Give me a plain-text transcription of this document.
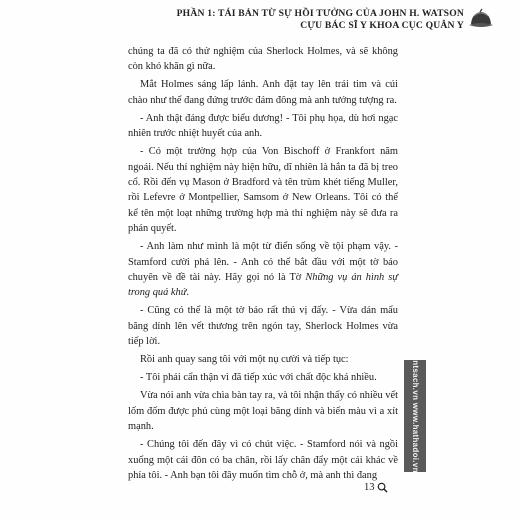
PHẦN 1: TÁI BẢN TỪ SỰ HỒI TƯỞNG CỦA JOHN H. WATSON
CỰU BÁC SĨ Y KHOA CỤC QUÂN Y

chúng ta đã có thử nghiệm của Sherlock Holmes, và sẽ không còn khó khăn gì nữa.

Mắt Holmes sáng lấp lánh. Anh đặt tay lên trái tim và cúi chào như thể đang đứng trước đám đông mà anh tưởng tượng ra.

- Anh thật đáng được biểu dương! - Tôi phụ họa, dù hơi ngạc nhiên trước nhiệt huyết của anh.

- Có một trường hợp của Von Bischoff ở Frankfort năm ngoái. Nếu thí nghiệm này hiện hữu, dĩ nhiên là hắn ta đã bị treo cổ. Rồi đến vụ Mason ở Bradford và tên trùm khét tiếng Muller, rồi Lefevre ở Montpellier, Samsom ở New Orleans. Tôi có thể kể tên một loạt những trường hợp mà thí nghiệm này sẽ đưa ra phán quyết.

- Anh làm như mình là một từ điển sống về tội phạm vậy. - Stamford cười phá lên. - Anh có thể bắt đầu với một tờ báo chuyên về đề tài này. Hãy gọi nó là Tờ Những vụ án hình sự trong quá khứ.

- Cũng có thể là một tờ báo rất thú vị đấy. - Vừa dán mẩu băng dính lên vết thương trên ngón tay, Sherlock Holmes vừa tiếp lời.

Rồi anh quay sang tôi với một nụ cười và tiếp tục:

- Tôi phải cẩn thận vì đã tiếp xúc với chất độc khá nhiều.

Vừa nói anh vừa chìa bàn tay ra, và tôi nhận thấy có nhiều vết lốm đốm được phủ cùng một loại băng dính và biến màu vì a xít mạnh.

- Chúng tôi đến đây vì có chút việc. - Stamford nói và ngồi xuống một cái đôn có ba chân, rồi lấy chân đẩy một cái khác về phía tôi. - Anh bạn tôi đây muốn tìm chỗ ở, mà anh thì đang

ntsach.vn www.hathadoi.vn
13
